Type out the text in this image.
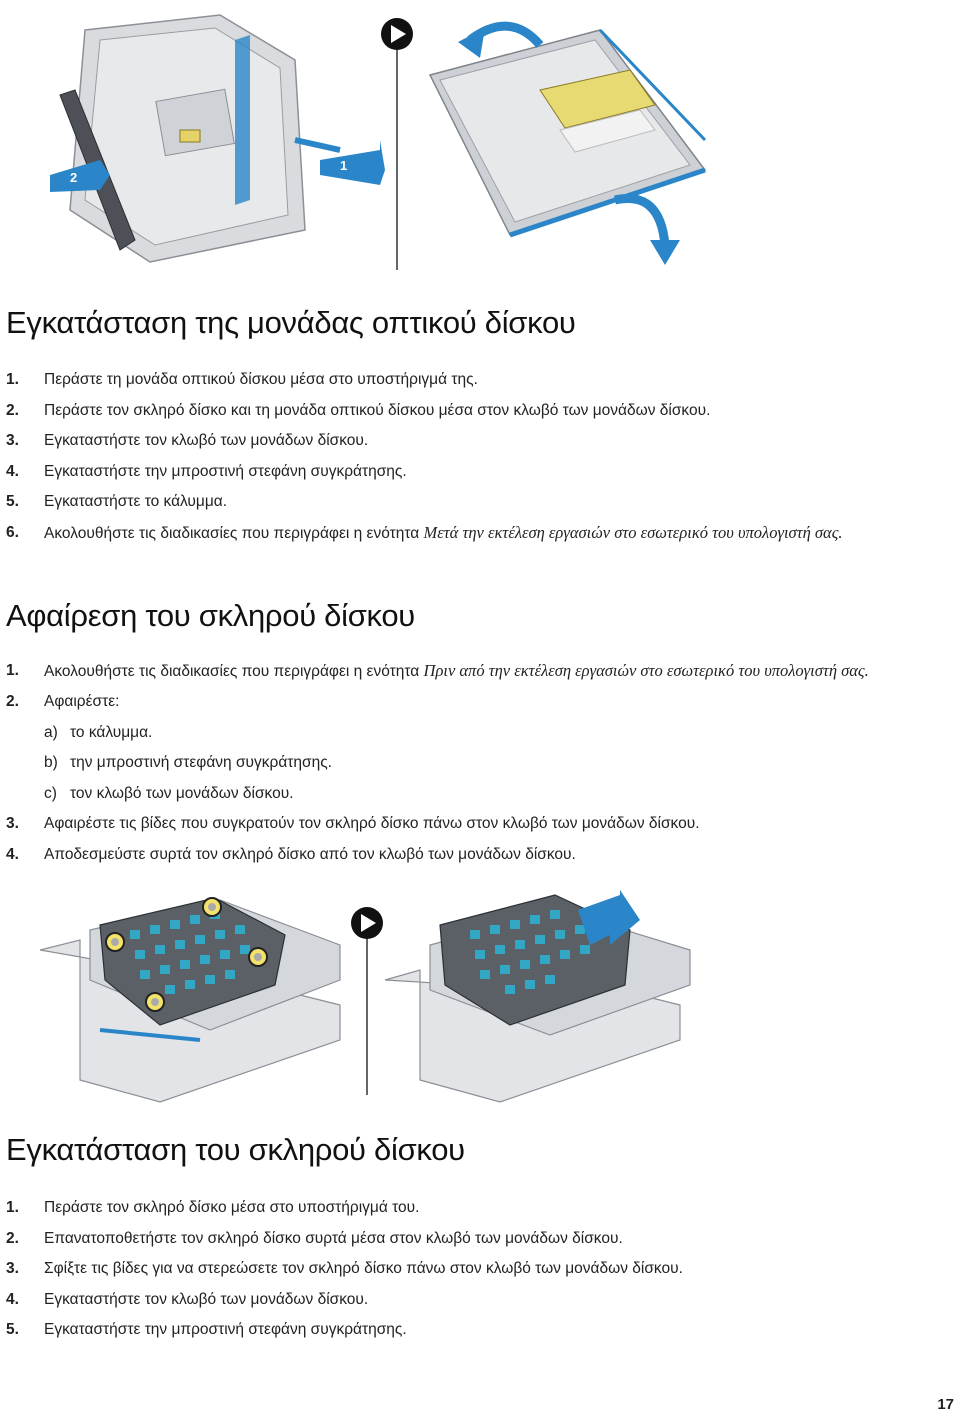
2
1
Εγκατάσταση της μονάδας οπτικού δίσκου
1. Περάστε τη μονάδα οπτικού δίσκου μέσα στο υποστήριγμά της.
2. Περάστε τον σκληρό δίσκο και τη μονάδα οπτικού δίσκου μέσα στον κλωβό των μονάδων δίσκου.
3. Εγκαταστήστε τον κλωβό των μονάδων δίσκου.
4. Εγκαταστήστε την μπροστινή στεφάνη συγκράτησης.
5. Εγκαταστήστε το κάλυμμα.
6. Ακολουθήστε τις διαδικασίες που περιγράφει η ενότητα Μετά την εκτέλεση εργασιών στο εσωτερικό του υπολογιστή σας.
Αφαίρεση του σκληρού δίσκου
1. Ακολουθήστε τις διαδικασίες που περιγράφει η ενότητα Πριν από την εκτέλεση εργασιών στο εσωτερικό του υπολογιστή σας.
2. Αφαιρέστε:
a) το κάλυμμα.
b) την μπροστινή στεφάνη συγκράτησης.
c) τον κλωβό των μονάδων δίσκου.
3. Αφαιρέστε τις βίδες που συγκρατούν τον σκληρό δίσκο πάνω στον κλωβό των μονάδων δίσκου.
4. Αποδεσμεύστε συρτά τον σκληρό δίσκο από τον κλωβό των μονάδων δίσκου.
Εγκατάσταση του σκληρού δίσκου
1. Περάστε τον σκληρό δίσκο μέσα στο υποστήριγμά του.
2. Επανατοποθετήστε τον σκληρό δίσκο συρτά μέσα στον κλωβό των μονάδων δίσκου.
3. Σφίξτε τις βίδες για να στερεώσετε τον σκληρό δίσκο πάνω στον κλωβό των μονάδων δίσκου.
4. Εγκαταστήστε τον κλωβό των μονάδων δίσκου.
5. Εγκαταστήστε την μπροστινή στεφάνη συγκράτησης.
17
